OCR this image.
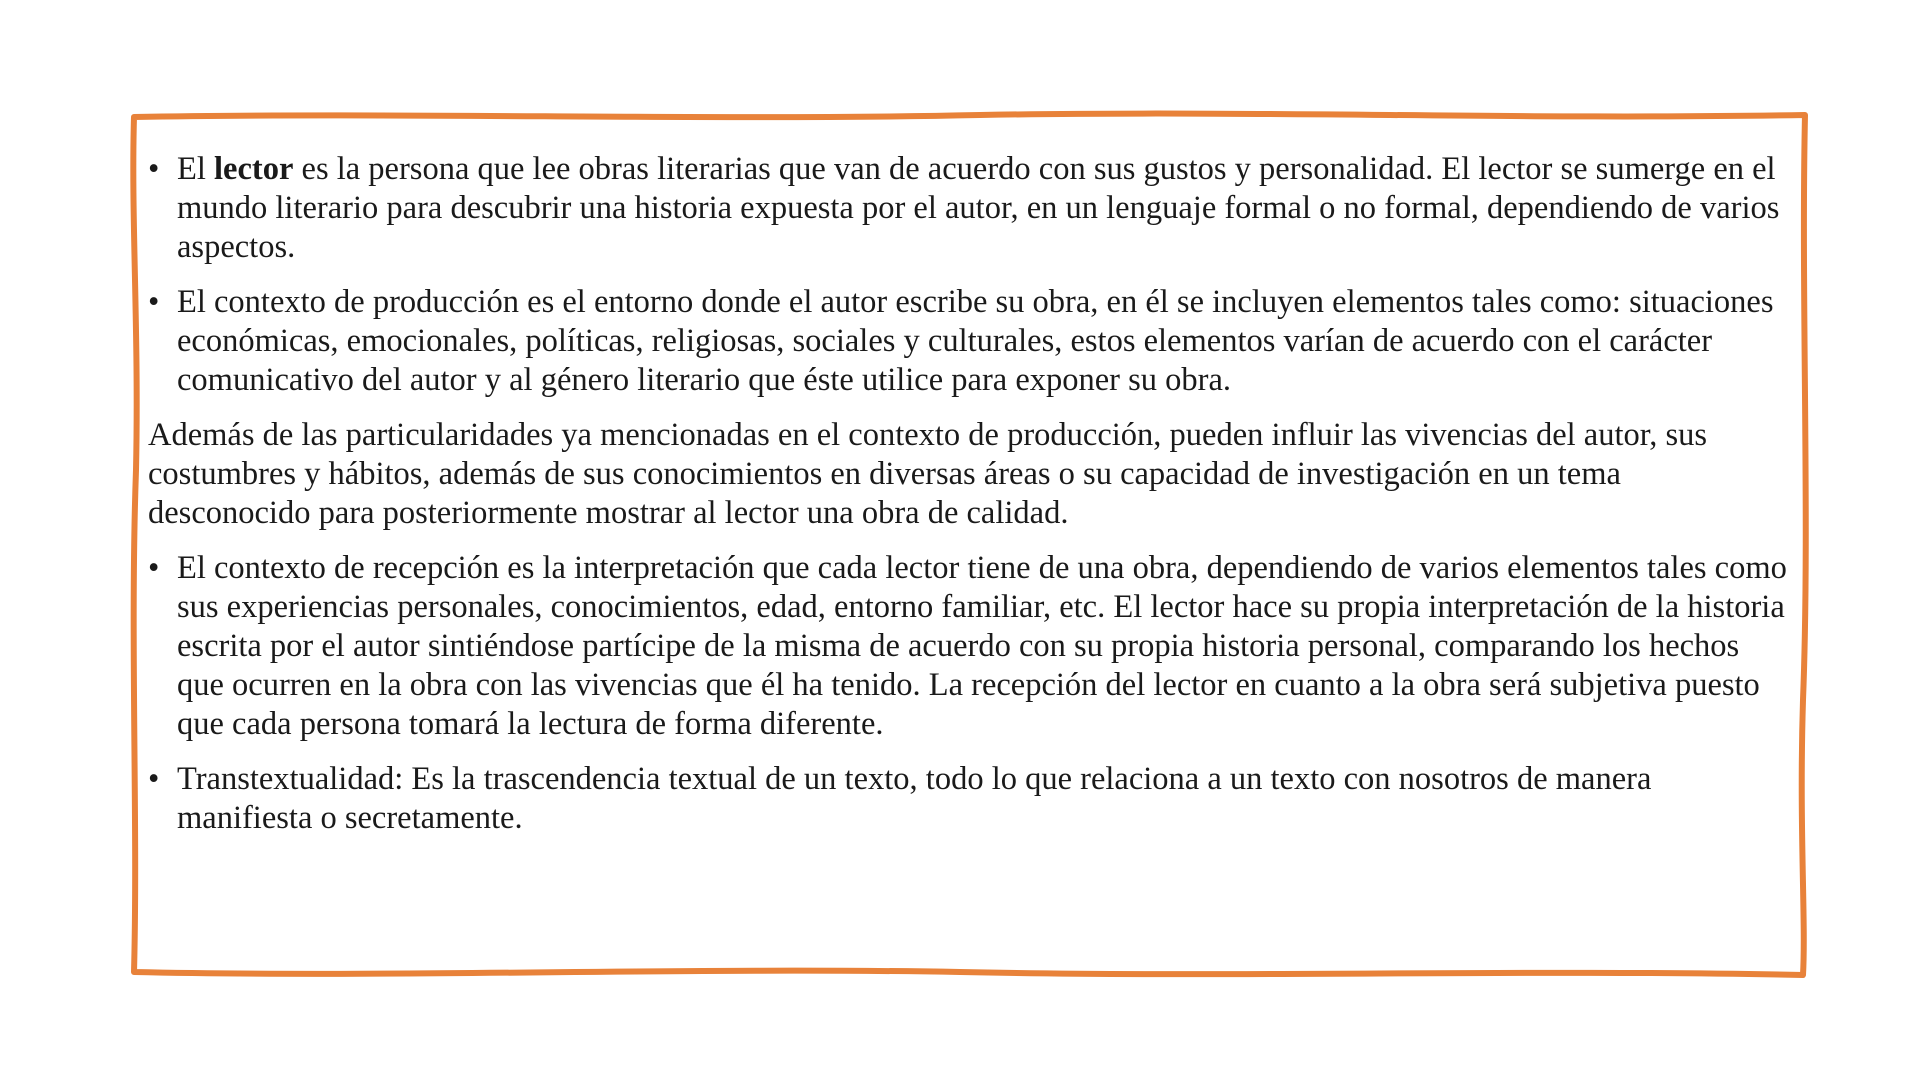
• El lector es la persona que lee obras literarias que van de acuerdo con sus gustos y personalidad. El lector se sumerge en el mundo literario para descubrir una historia expuesta por el autor, en un lenguaje formal o no formal, dependiendo de varios aspectos.
• El contexto de producción es el entorno donde el autor escribe su obra, en él se incluyen elementos tales como: situaciones económicas, emocionales, políticas, religiosas, sociales y culturales, estos elementos varían de acuerdo con el carácter comunicativo del autor y al género literario que éste utilice para exponer su obra.
Además de las particularidades ya mencionadas en el contexto de producción, pueden influir las vivencias del autor, sus costumbres y hábitos, además de sus conocimientos en diversas áreas o su capacidad de investigación en un tema desconocido para posteriormente mostrar al lector una obra de calidad.
• El contexto de recepción es la interpretación que cada lector tiene de una obra, dependiendo de varios elementos tales como sus experiencias personales, conocimientos, edad, entorno familiar, etc. El lector hace su propia interpretación de la historia escrita por el autor sintiéndose partícipe de la misma de acuerdo con su propia historia personal, comparando los hechos que ocurren en la obra con las vivencias que él ha tenido. La recepción del lector en cuanto a la obra será subjetiva puesto que cada persona tomará la lectura de forma diferente.
• Transtextualidad: Es la trascendencia textual de un texto, todo lo que relaciona a un texto con nosotros de manera manifiesta o secretamente.
